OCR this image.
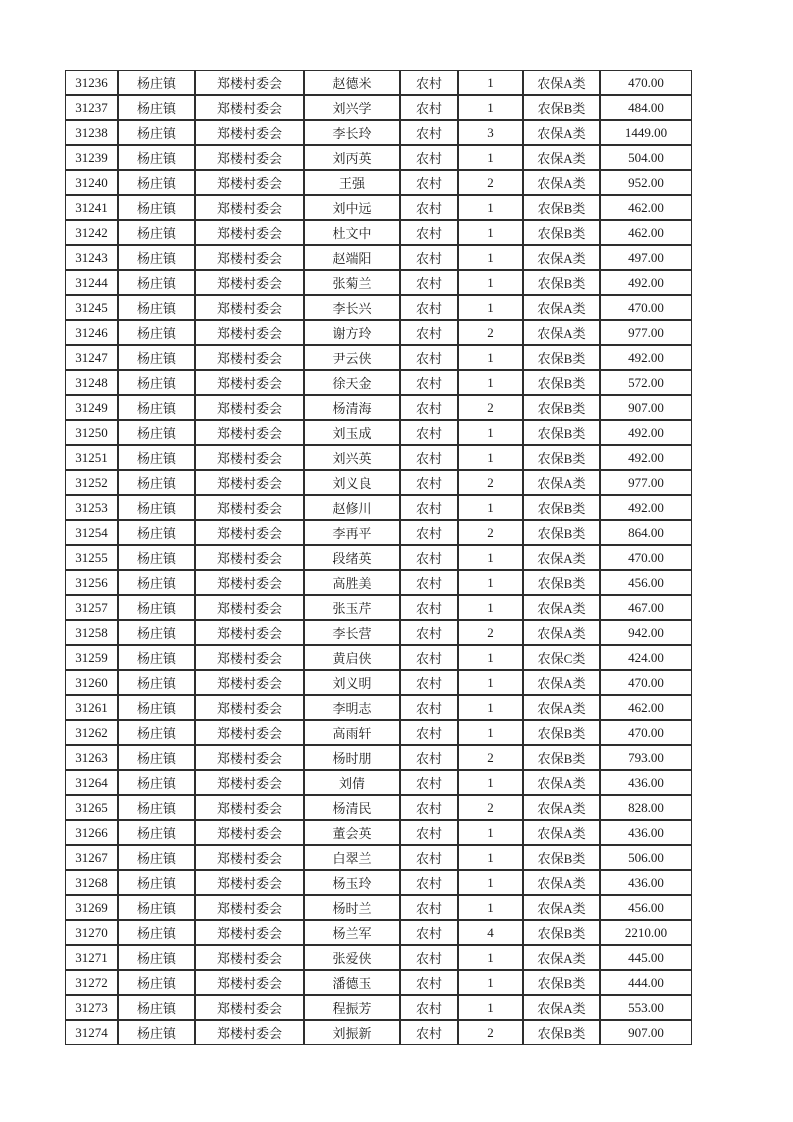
31236	杨庄镇	郑楼村委会	赵德米	农村	1	农保A类	470.00
31237	杨庄镇	郑楼村委会	刘兴学	农村	1	农保B类	484.00
31238	杨庄镇	郑楼村委会	李长玲	农村	3	农保A类	1449.00
31239	杨庄镇	郑楼村委会	刘丙英	农村	1	农保A类	504.00
31240	杨庄镇	郑楼村委会	王强	农村	2	农保A类	952.00
31241	杨庄镇	郑楼村委会	刘中远	农村	1	农保B类	462.00
31242	杨庄镇	郑楼村委会	杜文中	农村	1	农保B类	462.00
31243	杨庄镇	郑楼村委会	赵端阳	农村	1	农保A类	497.00
31244	杨庄镇	郑楼村委会	张菊兰	农村	1	农保B类	492.00
31245	杨庄镇	郑楼村委会	李长兴	农村	1	农保A类	470.00
31246	杨庄镇	郑楼村委会	谢方玲	农村	2	农保A类	977.00
31247	杨庄镇	郑楼村委会	尹云侠	农村	1	农保B类	492.00
31248	杨庄镇	郑楼村委会	徐天金	农村	1	农保B类	572.00
31249	杨庄镇	郑楼村委会	杨清海	农村	2	农保B类	907.00
31250	杨庄镇	郑楼村委会	刘玉成	农村	1	农保B类	492.00
31251	杨庄镇	郑楼村委会	刘兴英	农村	1	农保B类	492.00
31252	杨庄镇	郑楼村委会	刘义良	农村	2	农保A类	977.00
31253	杨庄镇	郑楼村委会	赵修川	农村	1	农保B类	492.00
31254	杨庄镇	郑楼村委会	李再平	农村	2	农保B类	864.00
31255	杨庄镇	郑楼村委会	段绪英	农村	1	农保A类	470.00
31256	杨庄镇	郑楼村委会	高胜美	农村	1	农保B类	456.00
31257	杨庄镇	郑楼村委会	张玉芹	农村	1	农保A类	467.00
31258	杨庄镇	郑楼村委会	李长营	农村	2	农保A类	942.00
31259	杨庄镇	郑楼村委会	黄启侠	农村	1	农保C类	424.00
31260	杨庄镇	郑楼村委会	刘义明	农村	1	农保A类	470.00
31261	杨庄镇	郑楼村委会	李明志	农村	1	农保A类	462.00
31262	杨庄镇	郑楼村委会	高雨轩	农村	1	农保B类	470.00
31263	杨庄镇	郑楼村委会	杨时朋	农村	2	农保B类	793.00
31264	杨庄镇	郑楼村委会	刘倩	农村	1	农保A类	436.00
31265	杨庄镇	郑楼村委会	杨清民	农村	2	农保A类	828.00
31266	杨庄镇	郑楼村委会	董会英	农村	1	农保A类	436.00
31267	杨庄镇	郑楼村委会	白翠兰	农村	1	农保B类	506.00
31268	杨庄镇	郑楼村委会	杨玉玲	农村	1	农保A类	436.00
31269	杨庄镇	郑楼村委会	杨时兰	农村	1	农保A类	456.00
31270	杨庄镇	郑楼村委会	杨兰军	农村	4	农保B类	2210.00
31271	杨庄镇	郑楼村委会	张爱侠	农村	1	农保A类	445.00
31272	杨庄镇	郑楼村委会	潘德玉	农村	1	农保B类	444.00
31273	杨庄镇	郑楼村委会	程振芳	农村	1	农保A类	553.00
31274	杨庄镇	郑楼村委会	刘振新	农村	2	农保B类	907.00
